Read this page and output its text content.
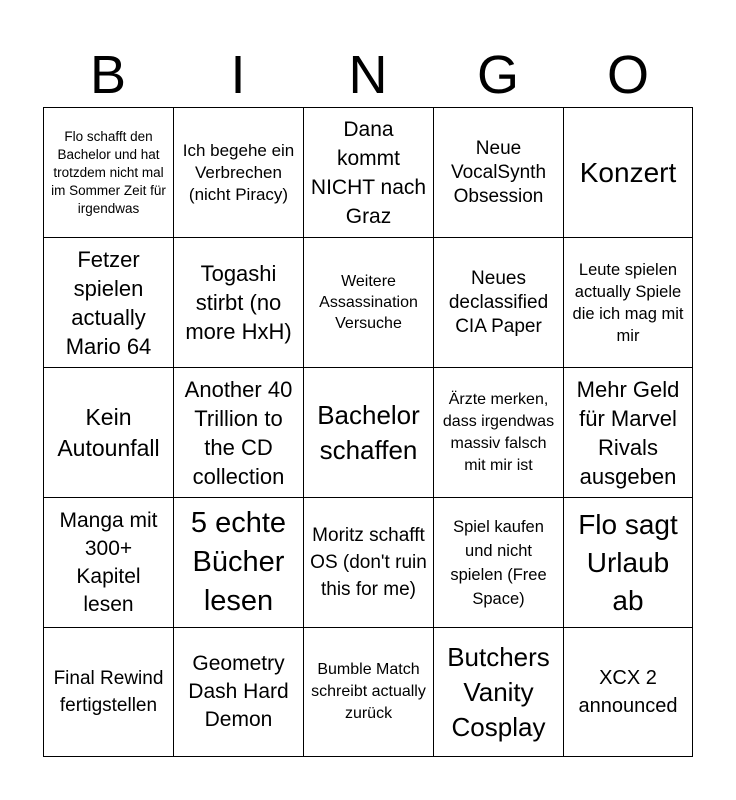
B	I	N	G	O
Flo schafft den Bachelor und hat trotzdem nicht mal im Sommer Zeit für irgendwas
Ich begehe ein Verbrechen (nicht Piracy)
Dana kommt NICHT nach Graz
Neue VocalSynth Obsession
Konzert
Fetzer spielen actually Mario 64
Togashi stirbt (no more HxH)
Weitere Assassination Versuche
Neues declassified CIA Paper
Leute spielen actually Spiele die ich mag mit mir
Kein Autounfall
Another 40 Trillion to the CD collection
Bachelor schaffen
Ärzte merken, dass irgendwas massiv falsch mit mir ist
Mehr Geld für Marvel Rivals ausgeben
Manga mit 300+ Kapitel lesen
5 echte Bücher lesen
Moritz schafft OS (don't ruin this for me)
Spiel kaufen und nicht spielen (Free Space)
Flo sagt Urlaub ab
Final Rewind fertigstellen
Geometry Dash Hard Demon
Bumble Match schreibt actually zurück
Butchers Vanity Cosplay
XCX 2 announced
